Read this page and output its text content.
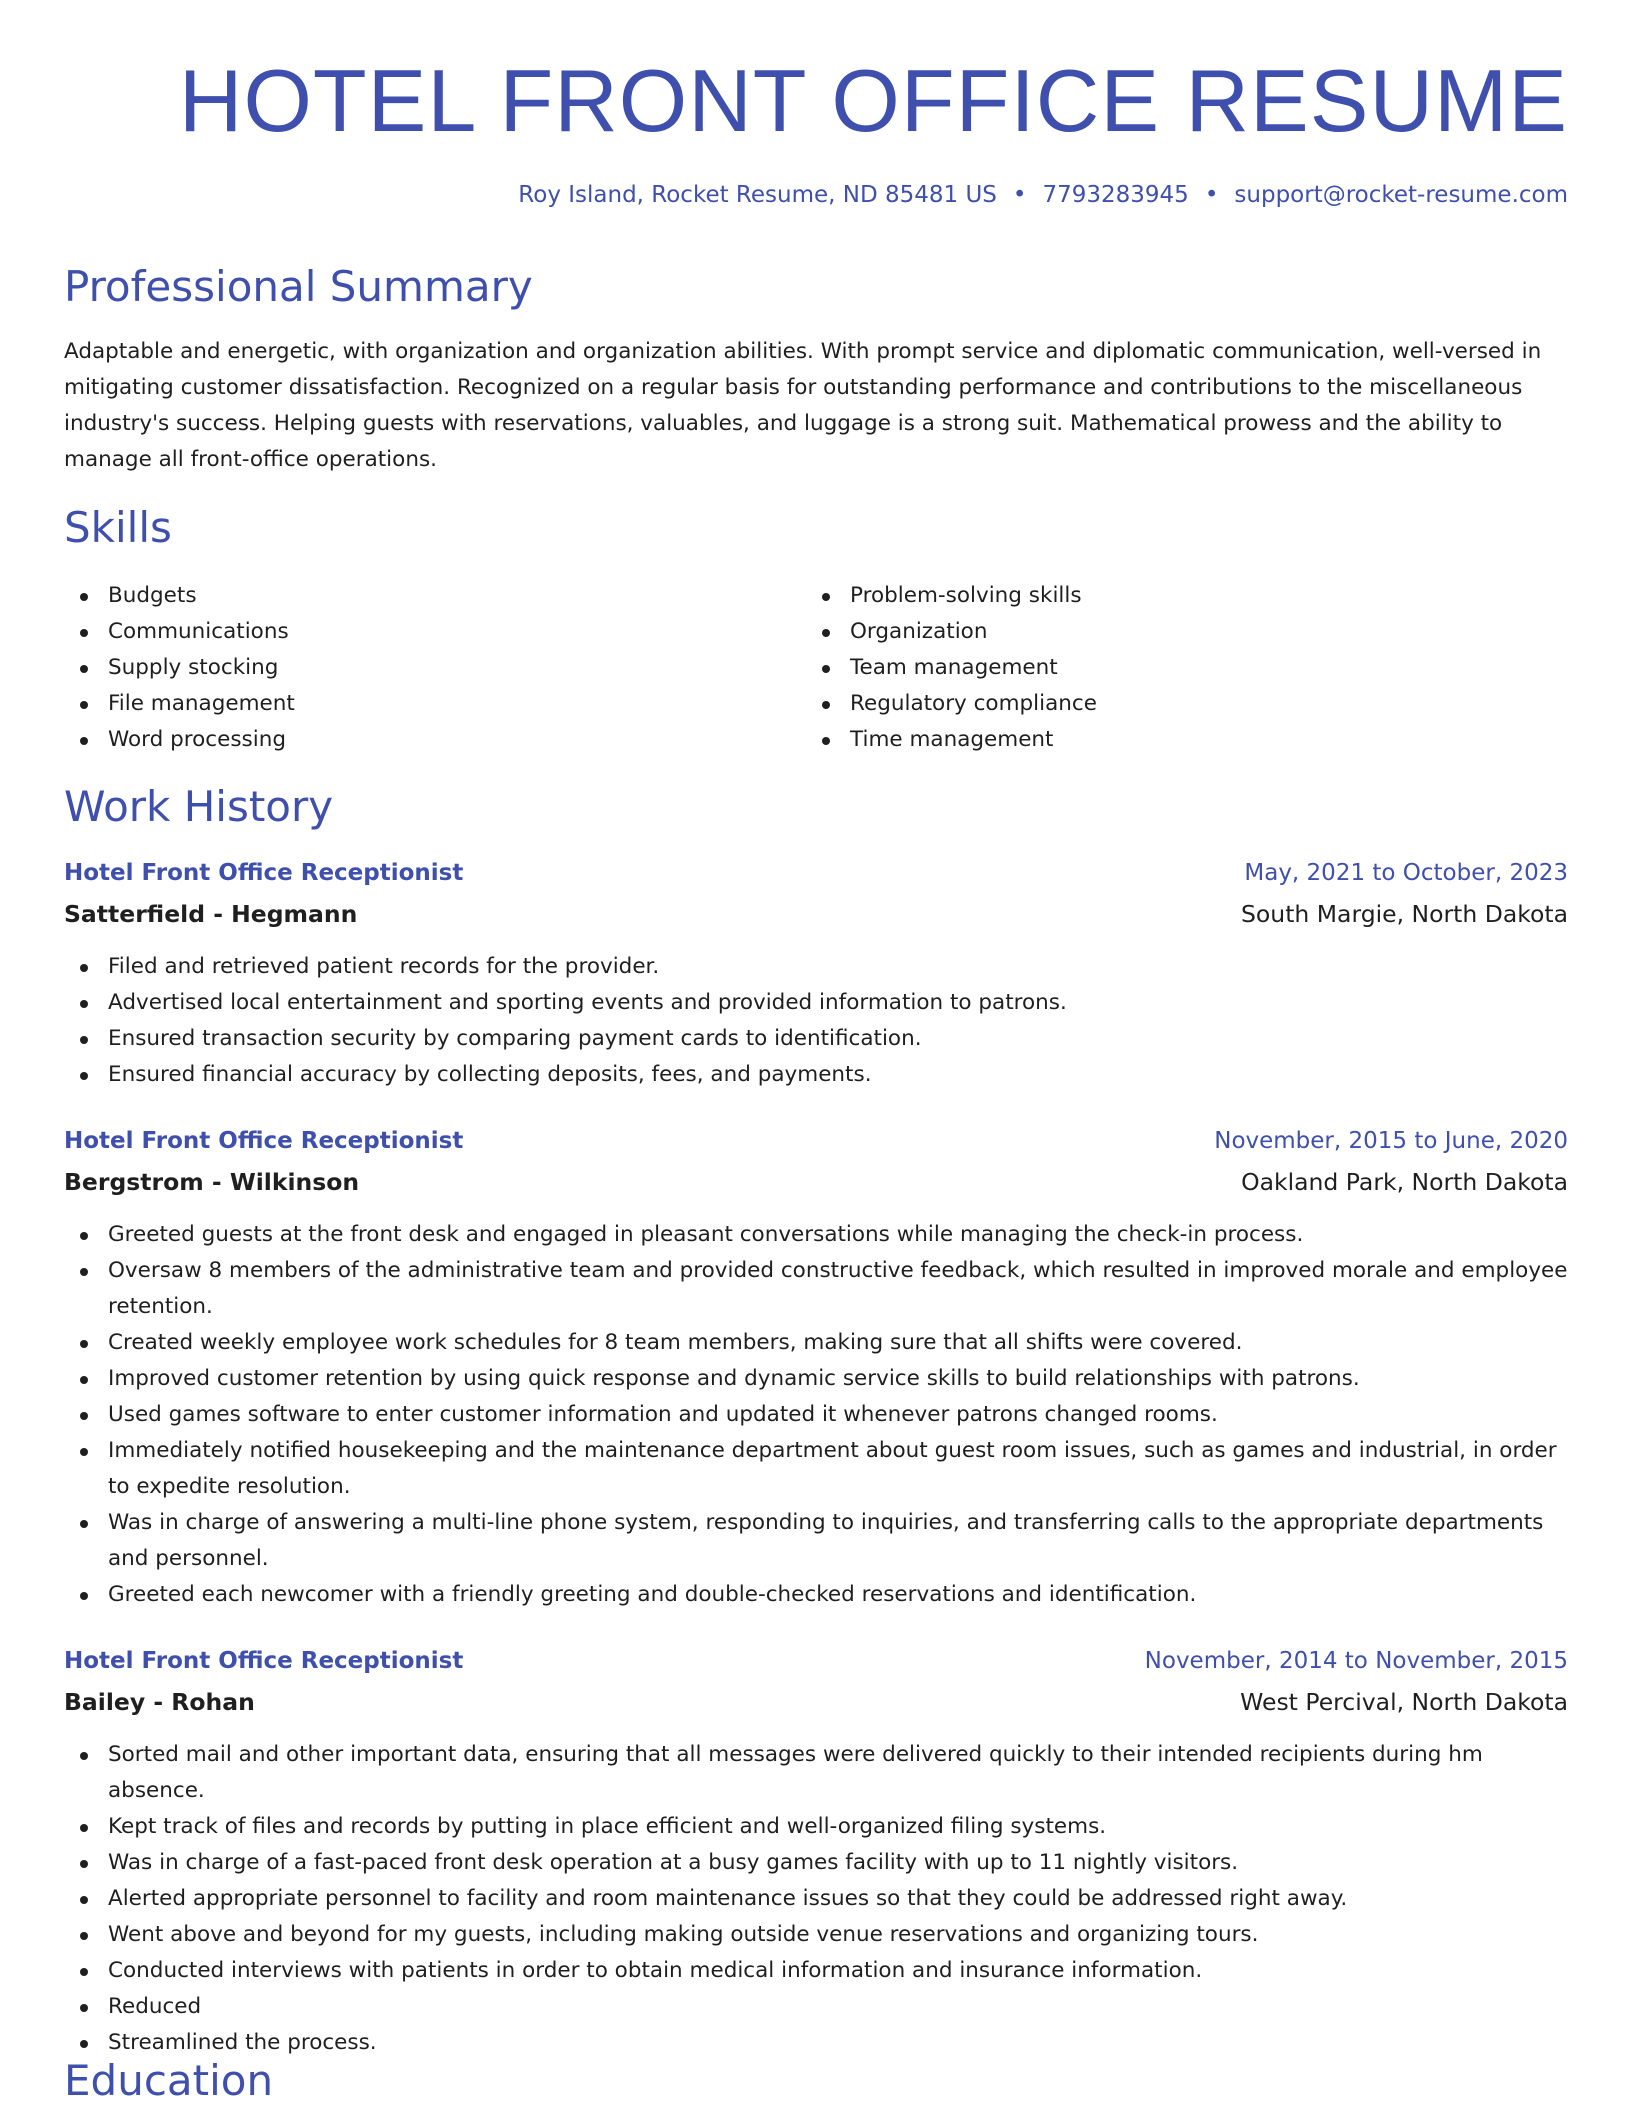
HOTEL FRONT OFFICE RESUME
Roy Island, Rocket Resume, ND 85481 US • 7793283945 • support@rocket-resume.com
Professional Summary
Adaptable and energetic, with organization and organization abilities. With prompt service and diplomatic communication, well-versed in mitigating customer dissatisfaction. Recognized on a regular basis for outstanding performance and contributions to the miscellaneous industry's success. Helping guests with reservations, valuables, and luggage is a strong suit. Mathematical prowess and the ability to manage all front-office operations.
Skills
Budgets
Communications
Supply stocking
File management
Word processing
Problem-solving skills
Organization
Team management
Regulatory compliance
Time management
Work History
Hotel Front Office Receptionist	May, 2021 to October, 2023
Satterfield - Hegmann	South Margie, North Dakota
Filed and retrieved patient records for the provider.
Advertised local entertainment and sporting events and provided information to patrons.
Ensured transaction security by comparing payment cards to identification.
Ensured financial accuracy by collecting deposits, fees, and payments.
Hotel Front Office Receptionist	November, 2015 to June, 2020
Bergstrom - Wilkinson	Oakland Park, North Dakota
Greeted guests at the front desk and engaged in pleasant conversations while managing the check-in process.
Oversaw 8 members of the administrative team and provided constructive feedback, which resulted in improved morale and employee retention.
Created weekly employee work schedules for 8 team members, making sure that all shifts were covered.
Improved customer retention by using quick response and dynamic service skills to build relationships with patrons.
Used games software to enter customer information and updated it whenever patrons changed rooms.
Immediately notified housekeeping and the maintenance department about guest room issues, such as games and industrial, in order to expedite resolution.
Was in charge of answering a multi-line phone system, responding to inquiries, and transferring calls to the appropriate departments and personnel.
Greeted each newcomer with a friendly greeting and double-checked reservations and identification.
Hotel Front Office Receptionist	November, 2014 to November, 2015
Bailey - Rohan	West Percival, North Dakota
Sorted mail and other important data, ensuring that all messages were delivered quickly to their intended recipients during hm absence.
Kept track of files and records by putting in place efficient and well-organized filing systems.
Was in charge of a fast-paced front desk operation at a busy games facility with up to 11 nightly visitors.
Alerted appropriate personnel to facility and room maintenance issues so that they could be addressed right away.
Went above and beyond for my guests, including making outside venue reservations and organizing tours.
Conducted interviews with patients in order to obtain medical information and insurance information.
Reduced
Streamlined the process.
Education
